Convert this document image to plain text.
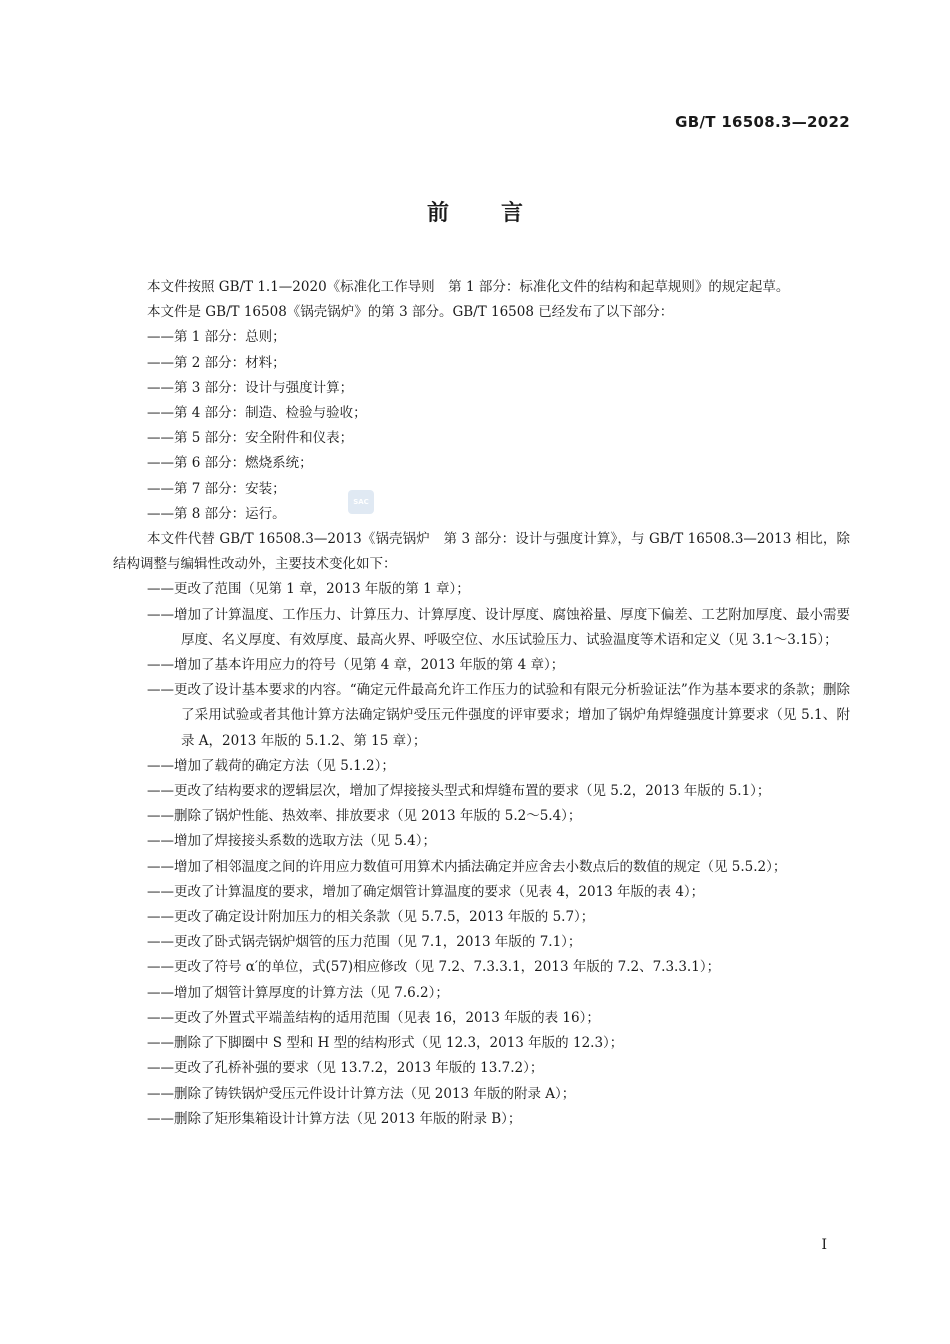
GB/T 16508.3—2022
前言
SAC

本文件按照 GB/T 1.1—2020《标准化工作导则　第 1 部分：标准化文件的结构和起草规则》的规定起草。

本文件是 GB/T 16508《锅壳锅炉》的第 3 部分。GB/T 16508 已经发布了以下部分：

——第 1 部分：总则；

——第 2 部分：材料；

——第 3 部分：设计与强度计算；

——第 4 部分：制造、检验与验收；

——第 5 部分：安全附件和仪表；

——第 6 部分：燃烧系统；

——第 7 部分：安装；

——第 8 部分：运行。

本文件代替 GB/T 16508.3—2013《锅壳锅炉　第 3 部分：设计与强度计算》，与 GB/T 16508.3—2013 相比，除结构调整与编辑性改动外，主要技术变化如下：

——更改了范围（见第 1 章，2013 年版的第 1 章）；

——增加了计算温度、工作压力、计算压力、计算厚度、设计厚度、腐蚀裕量、厚度下偏差、工艺附加厚度、最小需要厚度、名义厚度、有效厚度、最高火界、呼吸空位、水压试验压力、试验温度等术语和定义（见 3.1～3.15）；

——增加了基本许用应力的符号（见第 4 章，2013 年版的第 4 章）；

——更改了设计基本要求的内容。“确定元件最高允许工作压力的试验和有限元分析验证法”作为基本要求的条款；删除了采用试验或者其他计算方法确定锅炉受压元件强度的评审要求；增加了锅炉角焊缝强度计算要求（见 5.1、附录 A，2013 年版的 5.1.2、第 15 章）；

——增加了载荷的确定方法（见 5.1.2）；

——更改了结构要求的逻辑层次，增加了焊接接头型式和焊缝布置的要求（见 5.2，2013 年版的 5.1）；

——删除了锅炉性能、热效率、排放要求（见 2013 年版的 5.2～5.4）；

——增加了焊接接头系数的选取方法（见 5.4）；

——增加了相邻温度之间的许用应力数值可用算术内插法确定并应舍去小数点后的数值的规定（见 5.5.2）；

——更改了计算温度的要求，增加了确定烟管计算温度的要求（见表 4，2013 年版的表 4）；

——更改了确定设计附加压力的相关条款（见 5.7.5，2013 年版的 5.7）；

——更改了卧式锅壳锅炉烟管的压力范围（见 7.1，2013 年版的 7.1）；

——更改了符号 α′的单位，式(57)相应修改（见 7.2、7.3.3.1，2013 年版的 7.2、7.3.3.1）；

——增加了烟管计算厚度的计算方法（见 7.6.2）；

——更改了外置式平端盖结构的适用范围（见表 16，2013 年版的表 16）；

——删除了下脚圈中 S 型和 H 型的结构形式（见 12.3，2013 年版的 12.3）；

——更改了孔桥补强的要求（见 13.7.2，2013 年版的 13.7.2）；

——删除了铸铁锅炉受压元件设计计算方法（见 2013 年版的附录 A）；

——删除了矩形集箱设计计算方法（见 2013 年版的附录 B）；

I
